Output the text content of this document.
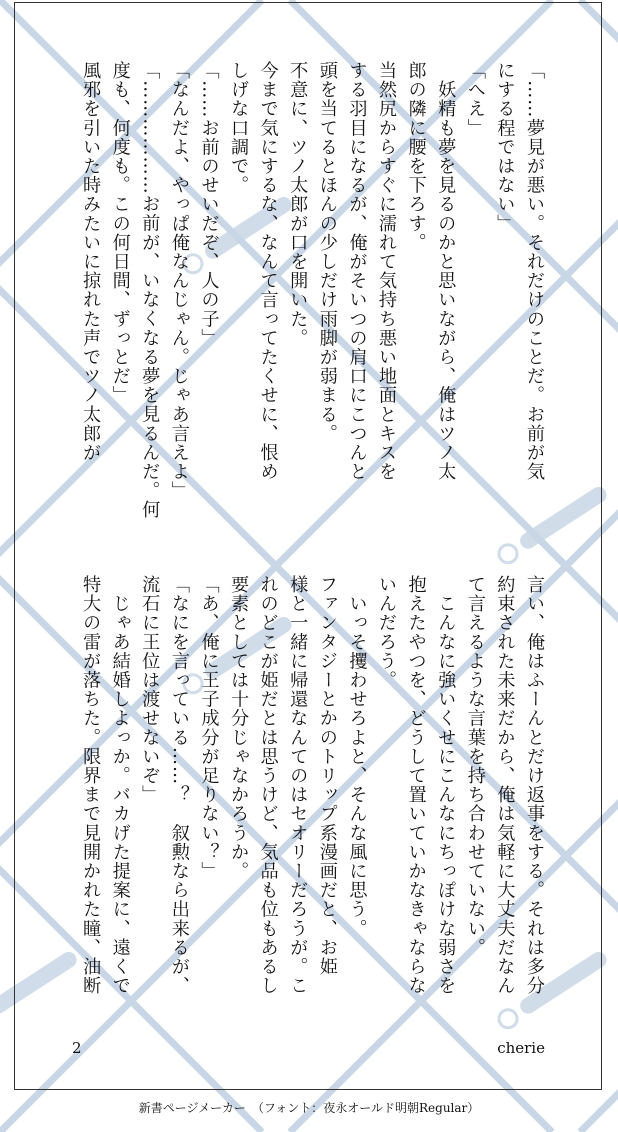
「……夢見が悪い。それだけのことだ。お前が気
にする程ではない」
「へえ」
　妖精も夢を見るのかと思いながら、俺はツノ太
郎の隣に腰を下ろす。
当然尻からすぐに濡れて気持ち悪い地面とキスを
する羽目になるが、俺がそいつの肩口にこつんと
頭を当てるとほんの少しだけ雨脚が弱まる。
不意に、ツノ太郎が口を開いた。
今まで気にするな、なんて言ってたくせに、恨め
しげな口調で。
「……お前のせいだぞ、人の子」
「なんだよ、やっぱ俺なんじゃん。じゃあ言えよ」
「………………お前が、いなくなる夢を見るんだ。何
度も、何度も。この何日間、ずっとだ」
風邪を引いた時みたいに掠れた声でツノ太郎が
言い、俺はふーんとだけ返事をする。それは多分
約束された未来だから、俺は気軽に大丈夫だなん
て言えるような言葉を持ち合わせていない。
　こんなに強いくせにこんなにちっぽけな弱さを
抱えたやつを、どうして置いていかなきゃならな
いんだろう。
　いっそ攫わせろよと、そんな風に思う。
ファンタジーとかのトリップ系漫画だと、お姫
様と一緒に帰還なんてのはセオリーだろうが。こ
れのどこが姫だとは思うけど、気品も位もあるし
要素としては十分じゃなかろうか。
「あ、俺に王子成分が足りない？」
「なにを言っている……？　叙勲なら出来るが、
流石に王位は渡せないぞ」
　じゃあ結婚しよっか。バカげた提案に、遠くで
特大の雷が落ちた。限界まで見開かれた瞳、油断
2	cherie
新書ページメーカー　（フォント：夜永オールド明朝Regular）
